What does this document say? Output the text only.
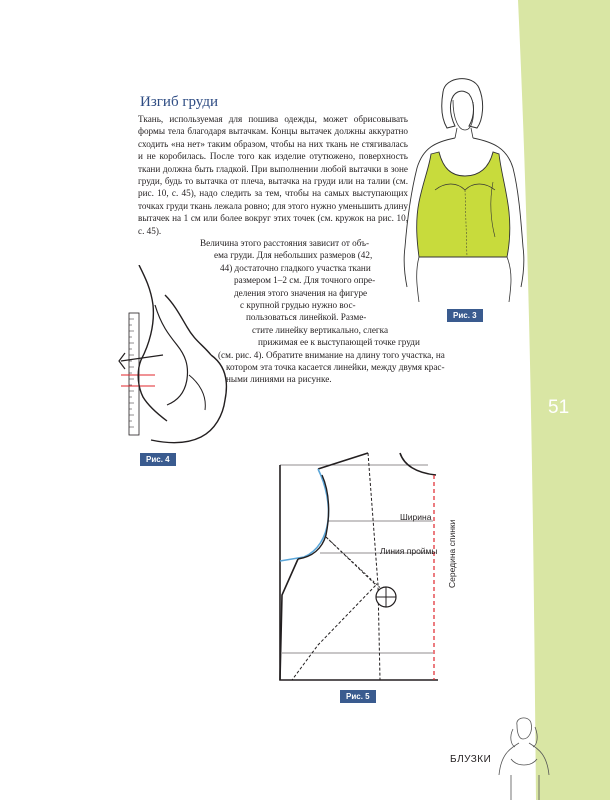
51
БЛУЗКИ
Изгиб груди

Ткань, используемая для пошива одежды, может обрисовывать формы тела благодаря вытачкам. Концы вытачек должны аккуратно сходить «на нет» таким образом, чтобы на них ткань не стягивалась и не коробилась. После того как изделие отутюжено, поверхность ткани должна быть гладкой. При выполнении любой вытачки в зоне груди, будь то вытачка от плеча, вытачка на груди или на талии (см. рис. 10, с. 45), надо следить за тем, чтобы на самых выступающих точках груди ткань лежала ровно; для этого нужно уменьшить длину вытачек на 1 см или более вокруг этих точек (см. кружок на рис. 10, с. 45).

Величина этого расстояния зависит от объ-
ема груди. Для небольших размеров (42,
44) достаточно гладкого участка ткани
размером 1–2 см. Для точного опре-
деления этого значения на фигуре
с крупной грудью нужно вос-
пользоваться линейкой. Разме-
стите линейку вертикально, слегка
прижимая ее к выступающей точке груди
(см. рис. 4). Обратите внимание на длину того участка, на
котором эта точка касается линейки, между двумя крас-
ными линиями на рисунке.
Рис. 3
Рис. 4
Ширина
Линия проймы Середина спинки
Рис. 5
